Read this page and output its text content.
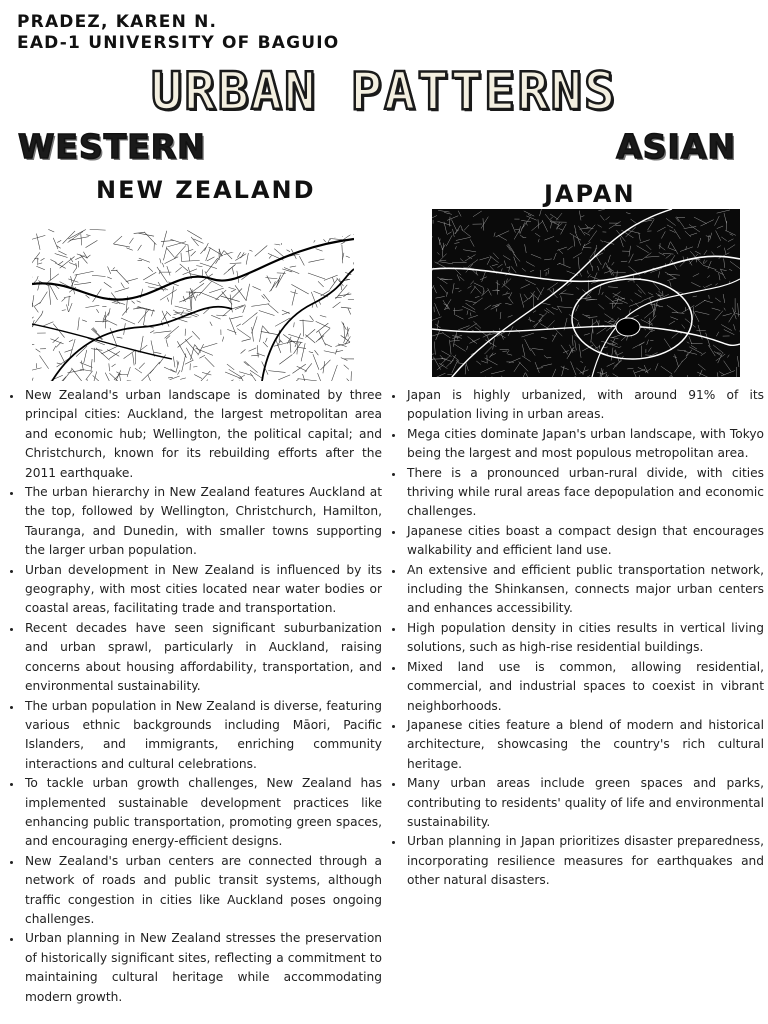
PRADEZ, KAREN N.
EAD-1 UNIVERSITY OF BAGUIO
URBAN PATTERNS
WESTERN	ASIAN
NEW ZEALAND	JAPAN
• New Zealand's urban landscape is dominated by three principal cities: Auckland, the largest metropolitan area and economic hub; Wellington, the political capital; and Christchurch, known for its rebuilding efforts after the 2011 earthquake.
• The urban hierarchy in New Zealand features Auckland at the top, followed by Wellington, Christchurch, Hamilton, Tauranga, and Dunedin, with smaller towns supporting the larger urban population.
• Urban development in New Zealand is influenced by its geography, with most cities located near water bodies or coastal areas, facilitating trade and transportation.
• Recent decades have seen significant suburbanization and urban sprawl, particularly in Auckland, raising concerns about housing affordability, transportation, and environmental sustainability.
• The urban population in New Zealand is diverse, featuring various ethnic backgrounds including Māori, Pacific Islanders, and immigrants, enriching community interactions and cultural celebrations.
• To tackle urban growth challenges, New Zealand has implemented sustainable development practices like enhancing public transportation, promoting green spaces, and encouraging energy-efficient designs.
• New Zealand's urban centers are connected through a network of roads and public transit systems, although traffic congestion in cities like Auckland poses ongoing challenges.
• Urban planning in New Zealand stresses the preservation of historically significant sites, reflecting a commitment to maintaining cultural heritage while accommodating modern growth.
• Japan is highly urbanized, with around 91% of its population living in urban areas.
• Mega cities dominate Japan's urban landscape, with Tokyo being the largest and most populous metropolitan area.
• There is a pronounced urban-rural divide, with cities thriving while rural areas face depopulation and economic challenges.
• Japanese cities boast a compact design that encourages walkability and efficient land use.
• An extensive and efficient public transportation network, including the Shinkansen, connects major urban centers and enhances accessibility.
• High population density in cities results in vertical living solutions, such as high-rise residential buildings.
• Mixed land use is common, allowing residential, commercial, and industrial spaces to coexist in vibrant neighborhoods.
• Japanese cities feature a blend of modern and historical architecture, showcasing the country's rich cultural heritage.
• Many urban areas include green spaces and parks, contributing to residents' quality of life and environmental sustainability.
• Urban planning in Japan prioritizes disaster preparedness, incorporating resilience measures for earthquakes and other natural disasters.
